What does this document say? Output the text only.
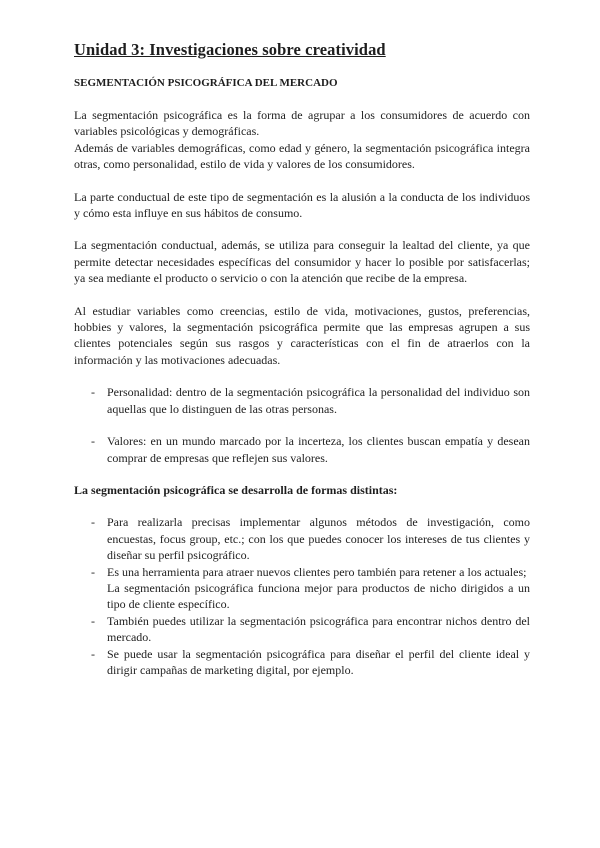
Unidad 3: Investigaciones sobre creatividad
SEGMENTACIÓN PSICOGRÁFICA DEL MERCADO

La segmentación psicográfica es la forma de agrupar a los consumidores de acuerdo con variables psicológicas y demográficas.

Además de variables demográficas, como edad y género, la segmentación psicográfica integra otras, como personalidad, estilo de vida y valores de los consumidores.

La parte conductual de este tipo de segmentación es la alusión a la conducta de los individuos y cómo esta influye en sus hábitos de consumo.

La segmentación conductual, además, se utiliza para conseguir la lealtad del cliente, ya que permite detectar necesidades específicas del consumidor y hacer lo posible por satisfacerlas; ya sea mediante el producto o servicio o con la atención que recibe de la empresa.

Al estudiar variables como creencias, estilo de vida, motivaciones, gustos, preferencias, hobbies y valores, la segmentación psicográfica permite que las empresas agrupen a sus clientes potenciales según sus rasgos y características con el fin de atraerlos con la información y las motivaciones adecuadas.

- Personalidad: dentro de la segmentación psicográfica la personalidad del individuo son aquellas que lo distinguen de las otras personas.
- Valores: en un mundo marcado por la incerteza, los clientes buscan empatía y desean comprar de empresas que reflejen sus valores.
La segmentación psicográfica se desarrolla de formas distintas:
- Para realizarla precisas implementar algunos métodos de investigación, como encuestas, focus group, etc.; con los que puedes conocer los intereses de tus clientes y diseñar su perfil psicográfico.
- Es una herramienta para atraer nuevos clientes pero también para retener a los actuales;
La segmentación psicográfica funciona mejor para productos de nicho dirigidos a un tipo de cliente específico.
- También puedes utilizar la segmentación psicográfica para encontrar nichos dentro del mercado.
- Se puede usar la segmentación psicográfica para diseñar el perfil del cliente ideal y dirigir campañas de marketing digital, por ejemplo.
